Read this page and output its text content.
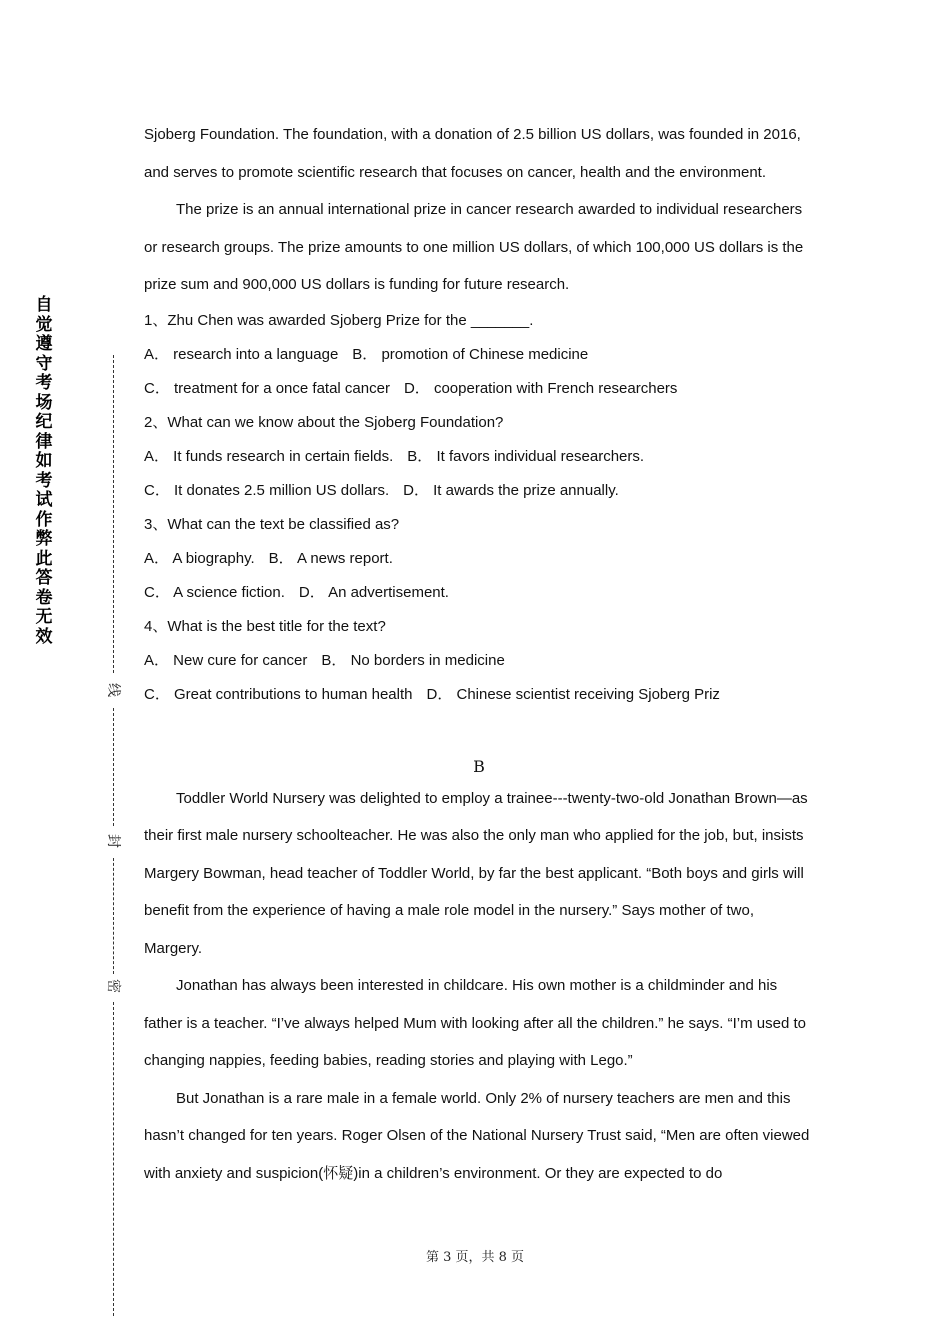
自觉遵守考场纪律如考试作弊此答卷无效
线
封
密

Sjoberg Foundation. The foundation, with a donation of 2.5 billion US dollars, was founded in 2016, and serves to promote scientific research that focuses on cancer, health and the environment.

The prize is an annual international prize in cancer research awarded to individual researchers or research groups. The prize amounts to one million US dollars, of which 100,000 US dollars is the prize sum and 900,000 US dollars is funding for future research.

1、Zhu Chen was awarded Sjoberg Prize for the _______.

A． research into a language B． promotion of Chinese medicine

C． treatment for a once fatal cancer D． cooperation with French researchers

2、What can we know about the Sjoberg Foundation?

A． It funds research in certain fields. B． It favors individual researchers.

C． It donates 2.5 million US dollars. D． It awards the prize annually.

3、What can the text be classified as?

A． A biography. B． A news report.

C． A science fiction. D． An advertisement.

4、What is the best title for the text?

A． New cure for cancer B． No borders in medicine

C． Great contributions to human health D． Chinese scientist receiving Sjoberg Priz

B

Toddler World Nursery was delighted to employ a trainee---twenty-two-old Jonathan Brown—as their first male nursery schoolteacher. He was also the only man who applied for the job, but, insists Margery Bowman, head teacher of Toddler World, by far the best applicant. “Both boys and girls will benefit from the experience of having a male role model in the nursery.” Says mother of two, Margery.

Jonathan has always been interested in childcare. His own mother is a childminder and his father is a teacher. “I’ve always helped Mum with looking after all the children.” he says. “I’m used to changing nappies, feeding babies, reading stories and playing with Lego.”

But Jonathan is a rare male in a female world. Only 2% of nursery teachers are men and this hasn’t changed for ten years. Roger Olsen of the National Nursery Trust said, “Men are often viewed with anxiety and suspicion(怀疑)in a children’s environment. Or they are expected to do

第 3 页，共 8 页
